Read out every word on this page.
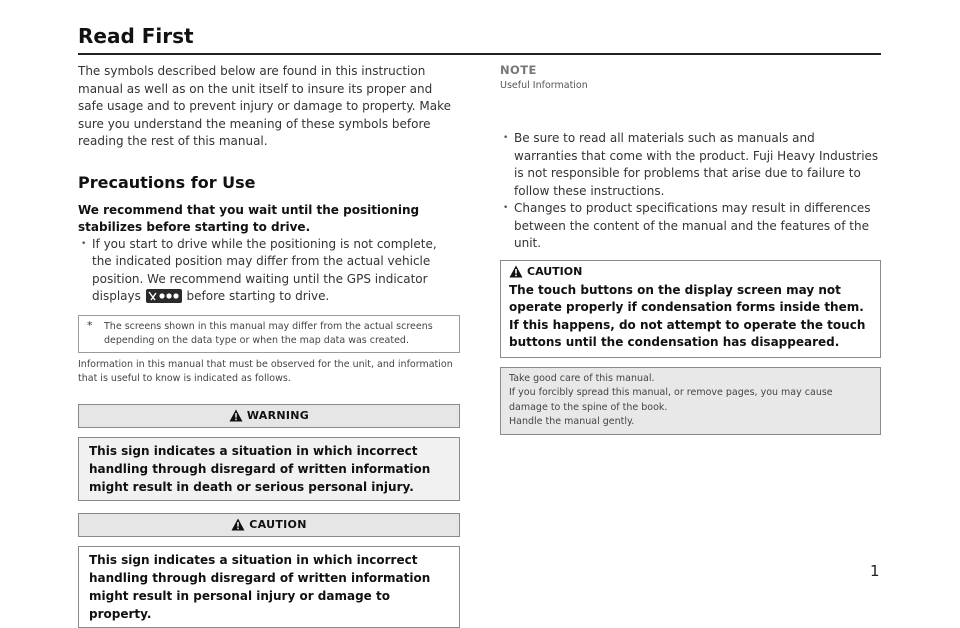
Read First

The symbols described below are found in this instruction manual as well as on the unit itself to insure its proper and safe usage and to prevent injury or damage to property. Make sure you understand the meaning of these symbols before reading the rest of this manual.

Precautions for Use

We recommend that you wait until the positioning stabilizes before starting to drive.

• If you start to drive while the positioning is not complete, the indicated position may differ from the actual vehicle position. We recommend waiting until the GPS indicator displays	before starting to drive.
* The screens shown in this manual may differ from the actual screens depending on the data type or when the map data was created.
Information in this manual that must be observed for the unit, and information that is useful to know is indicated as follows.
WARNING
This sign indicates a situation in which incorrect handling through disregard of written information might result in death or serious personal injury.
CAUTION
This sign indicates a situation in which incorrect handling through disregard of written information might result in personal injury or damage to property.

NOTE

Useful Information

• Be sure to read all materials such as manuals and warranties that come with the product. Fuji Heavy Industries is not responsible for problems that arise due to failure to follow these instructions.
• Changes to product specifications may result in differences between the content of the manual and the features of the unit.
CAUTION
The touch buttons on the display screen may not operate properly if condensation forms inside them. If this happens, do not attempt to operate the touch buttons until the condensation has disappeared.
Take good care of this manual.
If you forcibly spread this manual, or remove pages, you may cause damage to the spine of the book.
Handle the manual gently.
1
